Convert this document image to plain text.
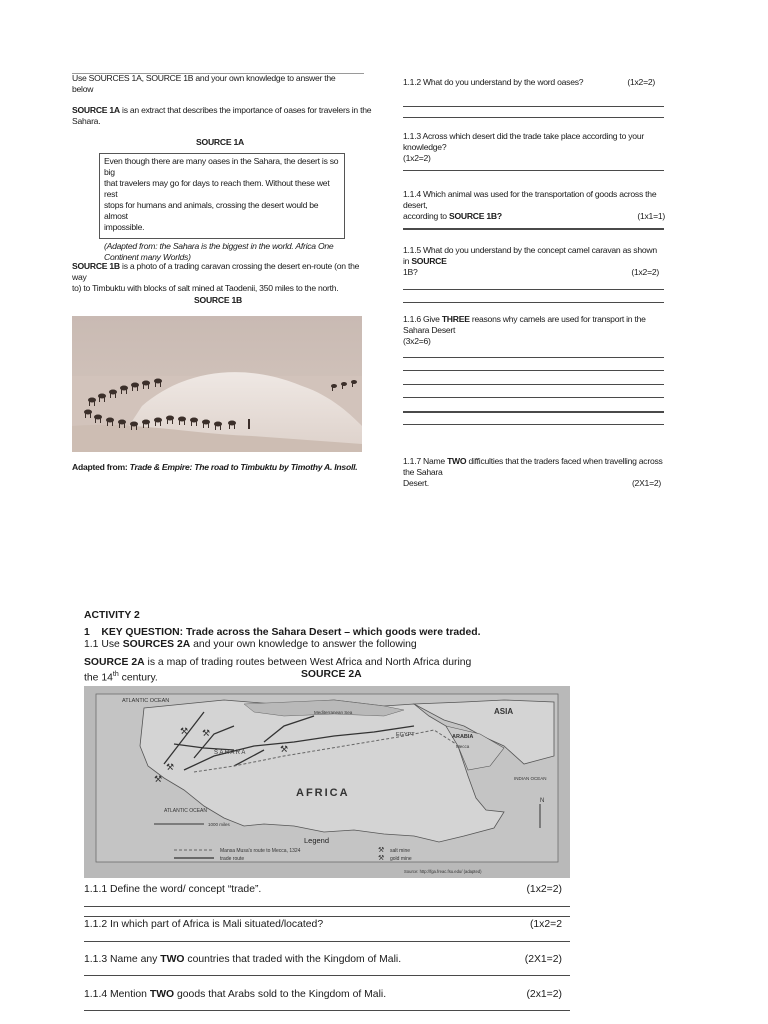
Use SOURCES 1A, SOURCE 1B and your own knowledge to answer the
below
SOURCE 1A is an extract that describes the importance of oases for travelers in the
Sahara.
SOURCE 1A
Even though there are many oases in the Sahara, the desert is so big
that travelers may go for days to reach them. Without these wet rest
stops for humans and animals, crossing the desert would be almost
impossible.
(Adapted from: the Sahara is the biggest in the world. Africa One
Continent many Worlds)
SOURCE 1B is a photo of a trading caravan crossing the desert en-route (on the way
to) to Timbuktu with blocks of salt mined at Taodenii, 350 miles to the north.
SOURCE 1B
Adapted from: Trade & Empire: The road to Timbuktu by Timothy A. Insoll.
1.1.2 What do you understand by the word oases?	(1x2=2)
1.1.3 Across which desert did the trade take place according to your knowledge?
(1x2=2)
1.1.4 Which animal was used for the transportation of goods across the desert,
according to SOURCE 1B?	(1x1=1)
1.1.5 What do you understand by the concept camel caravan as shown in SOURCE
1B?	(1x2=2)
1.1.6 Give THREE reasons why camels are used for transport in the Sahara Desert
(3x2=6)
1.1.7 Name TWO difficulties that the traders faced when travelling across the Sahara
Desert.	(2X1=2)
ACTIVITY 2
1    KEY QUESTION: Trade across the Sahara Desert – which goods were traded.
1.1 Use SOURCES 2A and your own knowledge to answer the following
SOURCE 2A is a map of trading routes between West Africa and North Africa during
the 14th century.	SOURCE 2A
⚒ ⚒
⚒
⚒
⚒
ATLANTIC OCEAN
Mediterranean Sea	ASIA
ARABIA
EGYPT
Mecca
S A H A R A
AFRICA
INDIAN OCEAN
ATLANTIC OCEAN
1000 miles
N
Legend
Mansa Musa's route to Mecca, 1324
trade route
⚒ salt mine
⚒ gold mine
Source: http://fga.freac.fsu.edu/ (adapted)
1.1.1 Define the word/ concept “trade”.	(1x2=2)
1.1.2 In which part of Africa is Mali situated/located?	(1x2=2
1.1.3 Name any TWO countries that traded with the Kingdom of Mali.	(2X1=2)
1.1.4 Mention TWO goods that Arabs sold to the Kingdom of Mali.	(2x1=2)
